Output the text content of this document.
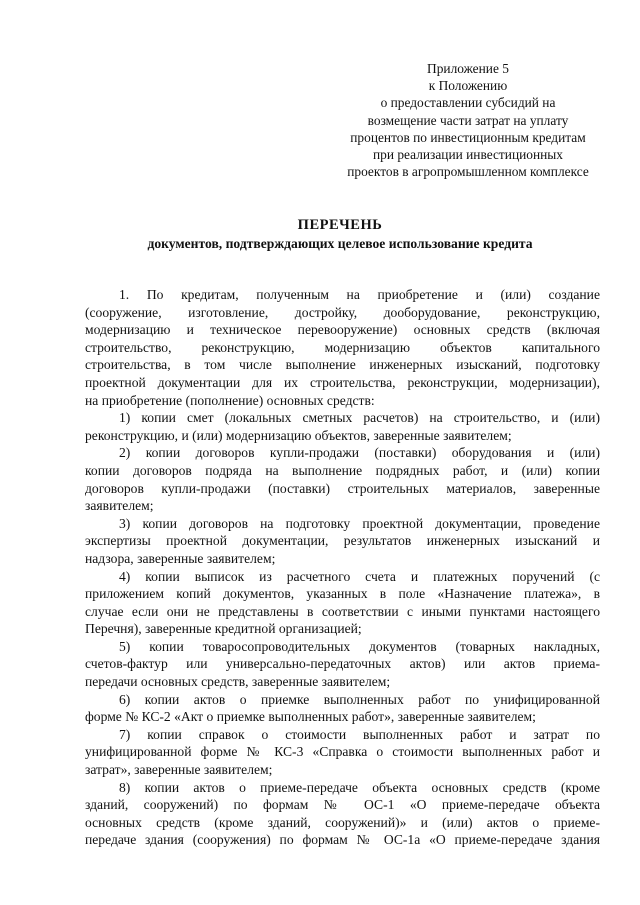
Приложение 5
к Положению
о предоставлении субсидий на
возмещение части затрат на уплату
процентов по инвестиционным кредитам
при реализации инвестиционных
проектов в агропромышленном комплексе
ПЕРЕЧЕНЬ
документов, подтверждающих целевое использование кредита
1. По кредитам, полученным на приобретение и (или) создание
(сооружение, изготовление, достройку, дооборудование, реконструкцию,
модернизацию и техническое перевооружение) основных средств (включая
строительство, реконструкцию, модернизацию объектов капитального
строительства, в том числе выполнение инженерных изысканий, подготовку
проектной документации для их строительства, реконструкции, модернизации),
на приобретение (пополнение) основных средств:
1) копии смет (локальных сметных расчетов) на строительство, и (или)
реконструкцию, и (или) модернизацию объектов, заверенные заявителем;
2) копии договоров купли-продажи (поставки) оборудования и (или)
копии договоров подряда на выполнение подрядных работ, и (или) копии
договоров купли-продажи (поставки) строительных материалов, заверенные
заявителем;
3) копии договоров на подготовку проектной документации, проведение
экспертизы проектной документации, результатов инженерных изысканий и
надзора, заверенные заявителем;
4) копии выписок из расчетного счета и платежных поручений (с
приложением копий документов, указанных в поле «Назначение платежа», в
случае если они не представлены в соответствии с иными пунктами настоящего
Перечня), заверенные кредитной организацией;
5) копии товаросопроводительных документов (товарных накладных,
счетов-фактур или универсально-передаточных актов) или актов приема-
передачи основных средств, заверенные заявителем;
6) копии актов о приемке выполненных работ по унифицированной
форме № КС-2 «Акт о приемке выполненных работ», заверенные заявителем;
7) копии справок о стоимости выполненных работ и затрат по
унифицированной форме № КС-3 «Справка о стоимости выполненных работ и
затрат», заверенные заявителем;
8) копии актов о приеме-передаче объекта основных средств (кроме
зданий, сооружений) по формам № ОС-1 «О приеме-передаче объекта
основных средств (кроме зданий, сооружений)» и (или) актов о приеме-
передаче здания (сооружения) по формам № ОС-1а «О приеме-передаче здания
